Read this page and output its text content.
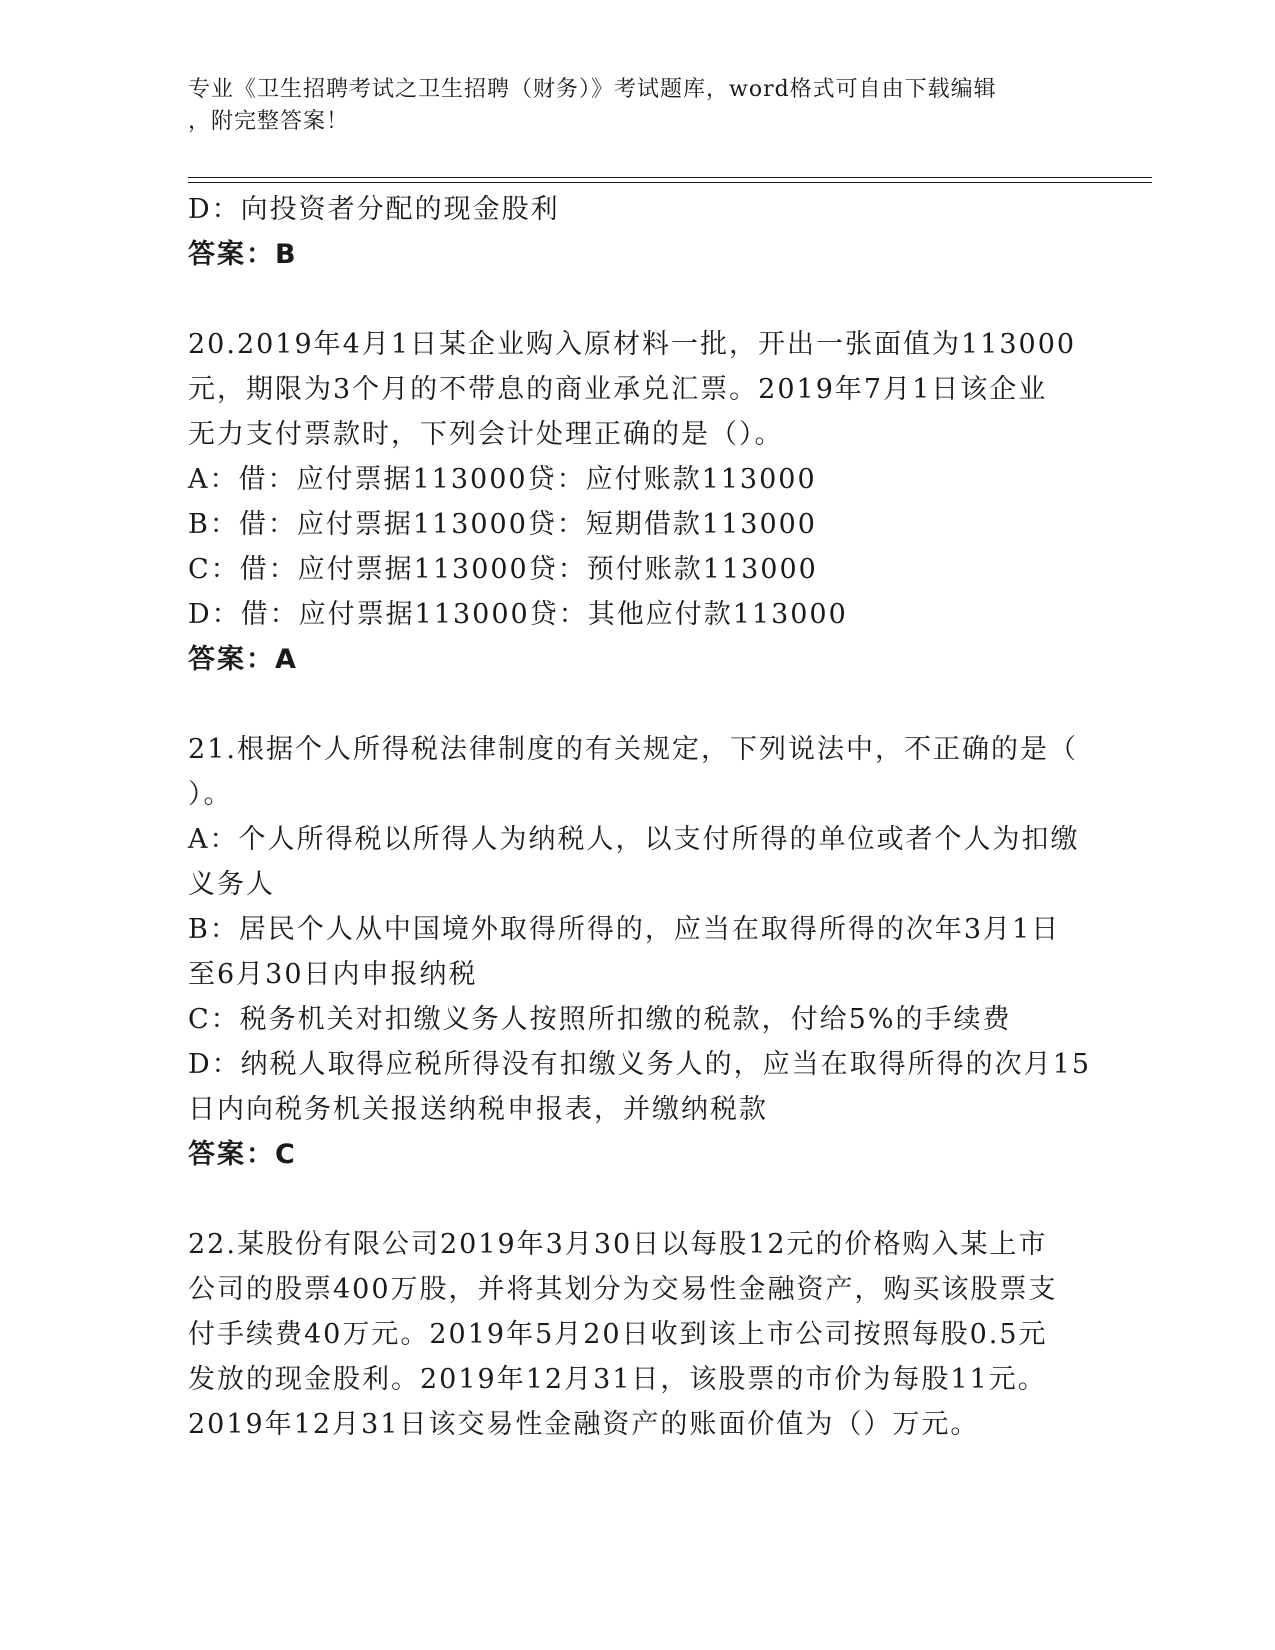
专业《卫生招聘考试之卫生招聘（财务）》考试题库，word格式可自由下载编辑
，附完整答案！
D：向投资者分配的现金股利
答案：B
20.2019年4月1日某企业购入原材料一批，开出一张面值为113000
元，期限为3个月的不带息的商业承兑汇票。2019年7月1日该企业
无力支付票款时，下列会计处理正确的是（）。
A：借：应付票据113000贷：应付账款113000
B：借：应付票据113000贷：短期借款113000
C：借：应付票据113000贷：预付账款113000
D：借：应付票据113000贷：其他应付款113000
答案：A
21.根据个人所得税法律制度的有关规定，下列说法中，不正确的是（
）。
A：个人所得税以所得人为纳税人，以支付所得的单位或者个人为扣缴
义务人
B：居民个人从中国境外取得所得的，应当在取得所得的次年3月1日
至6月30日内申报纳税
C：税务机关对扣缴义务人按照所扣缴的税款，付给5%的手续费
D：纳税人取得应税所得没有扣缴义务人的，应当在取得所得的次月15
日内向税务机关报送纳税申报表，并缴纳税款
答案：C
22.某股份有限公司2019年3月30日以每股12元的价格购入某上市
公司的股票400万股，并将其划分为交易性金融资产，购买该股票支
付手续费40万元。2019年5月20日收到该上市公司按照每股0.5元
发放的现金股利。2019年12月31日，该股票的市价为每股11元。
2019年12月31日该交易性金融资产的账面价值为（）万元。
